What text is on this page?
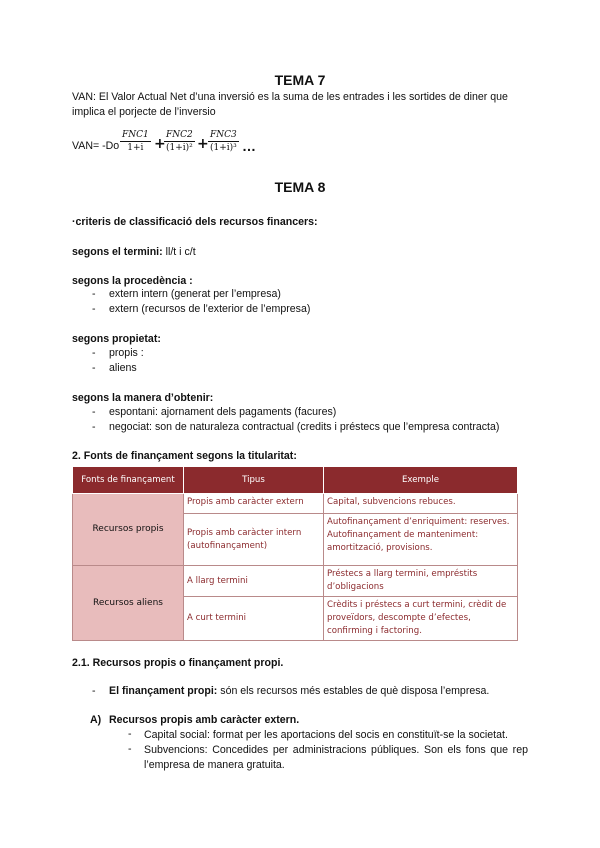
TEMA 7
VAN: El Valor Actual Net d’una inversió es la suma de les entrades i les sortides de diner que implica el porjecte de l’inversio
VAN= -Do
FNC1
1+i +
FNC2
(1+i)² +
FNC3
(1+i)³ …
TEMA 8
·criteris de classificació dels recursos financers:
segons el termini: ll/t i c/t
segons la procedència :
- extern intern (generat per l’empresa)
- extern (recursos de l’exterior de l’empresa)
segons propietat:
- propis :
- aliens
segons la manera d’obtenir:
- espontani: ajornament dels pagaments (facures)
- negociat: son de naturaleza contractual (credits i préstecs que l’empresa contracta)
2. Fonts de finançament segons la titularitat:
Fonts de finançament	Tipus	Exemple
Recursos propis	Propis amb caràcter extern	Capital, subvencions rebuces.
	Propis amb caràcter intern (autofinançament)	Autofinançament d’enriquiment: reserves. Autofinançament de manteniment: amortització, provisions.
Recursos aliens	A llarg termini	Préstecs a llarg termini, empréstits d’obligacions
	A curt termini	Crèdits i préstecs a curt termini, crèdit de proveïdors, descompte d’efectes, confirming i factoring.
2.1. Recursos propis o finançament propi.
- El finançament propi: són els recursos més estables de què disposa l’empresa.
A) Recursos propis amb caràcter extern.
- Capital social: format per les aportacions del socis en constituït-se la societat.
- Subvencions: Concedides per administracions públiques. Son els fons que rep l’empresa de manera gratuita.
